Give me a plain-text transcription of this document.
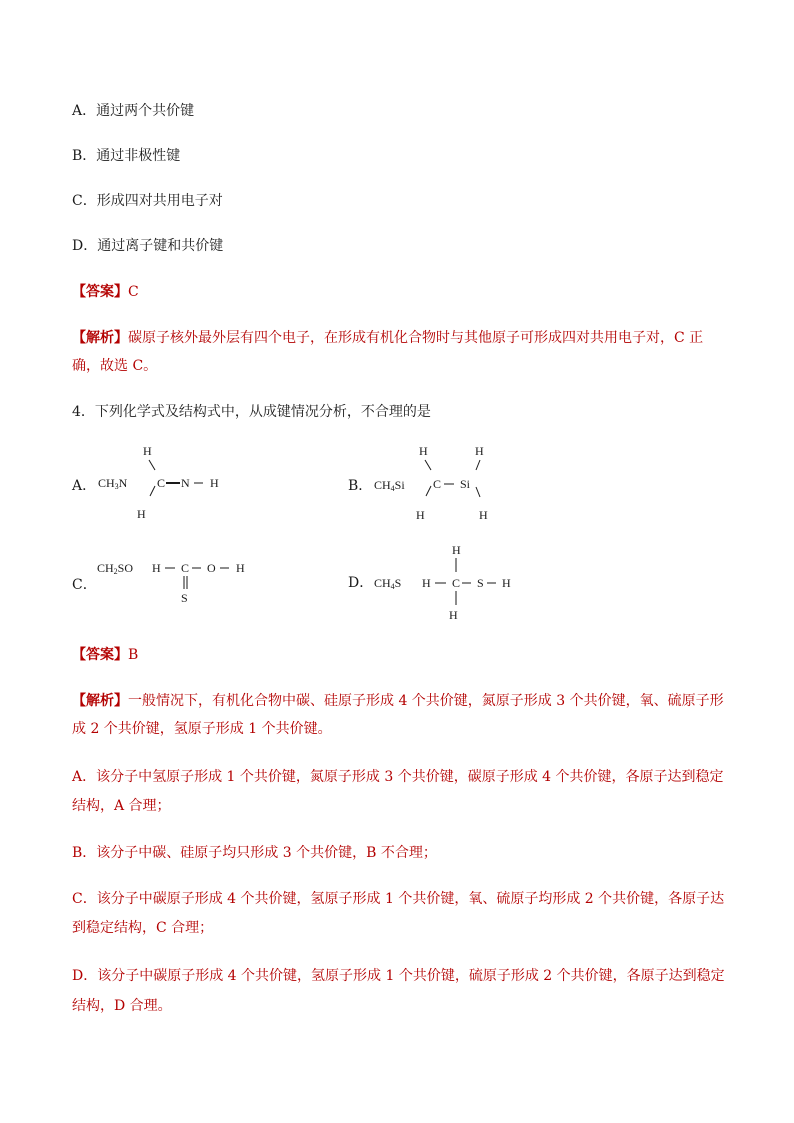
A．通过两个共价键
B．通过非极性键
C．形成四对共用电子对
D．通过离子键和共价键
【答案】C
【解析】碳原子核外最外层有四个电子，在形成有机化合物时与其他原子可形成四对共用电子对，C 正
确，故选 C。
4．下列化学式及结构式中，从成键情况分析，不合理的是
A． $CH_3N$
H
H
C N H	B． $CH_4Si$
H
H
C Si
H
H
C．
$CH_2SO$ H C O H
S
D． $CH_4S$
H
H C S H
H
【答案】B
【解析】一般情况下，有机化合物中碳、硅原子形成 4 个共价键，氮原子形成 3 个共价键，氧、硫原子形
成 2 个共价键，氢原子形成 1 个共价键。
A．该分子中氢原子形成 1 个共价键，氮原子形成 3 个共价键，碳原子形成 4 个共价键，各原子达到稳定
结构，A 合理；
B．该分子中碳、硅原子均只形成 3 个共价键，B 不合理；
C．该分子中碳原子形成 4 个共价键，氢原子形成 1 个共价键，氧、硫原子均形成 2 个共价键，各原子达
到稳定结构，C 合理；
D．该分子中碳原子形成 4 个共价键，氢原子形成 1 个共价键，硫原子形成 2 个共价键，各原子达到稳定
结构，D 合理。
